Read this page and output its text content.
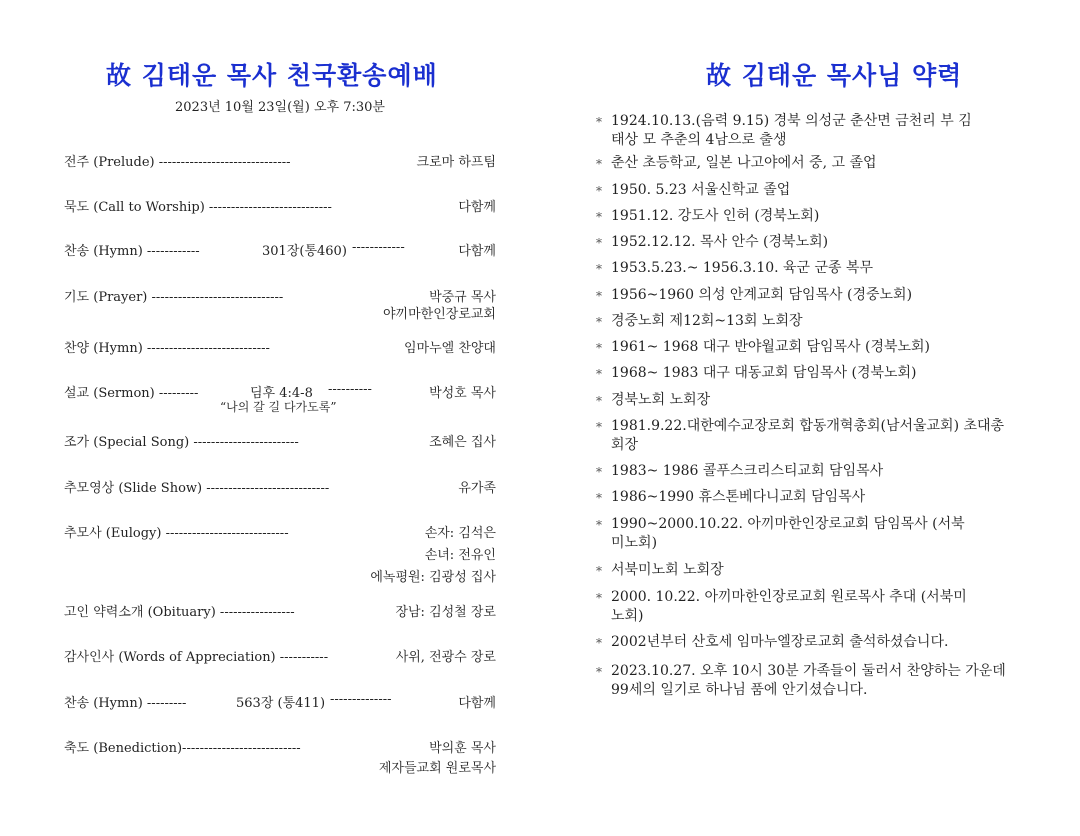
故 김태운 목사 천국환송예배
2023년 10월 23일(월) 오후 7:30분
전주 (Prelude) ------------------------------	크로마 하프팀
묵도 (Call to Worship) ----------------------------	다함께
찬송 (Hymn) ------------	301장(통460) ------------	다함께
기도 (Prayer) ------------------------------	박중규 목사
야끼마한인장로교회
찬양 (Hymn) ----------------------------	임마누엘 찬양대
설교 (Sermon) ---------	딤후 4:4-8 ----------	박성호 목사
“나의 갈 길 다가도록”
조가 (Special Song) ------------------------	조혜은 집사
추모영상 (Slide Show) ----------------------------	유가족
추모사 (Eulogy) ----------------------------	손자: 김석은
손녀: 전유인
에녹평원: 김광성 집사
고인 약력소개 (Obituary) -----------------	장남: 김성철 장로
감사인사 (Words of Appreciation) -----------	사위, 전광수 장로
찬송 (Hymn) ---------	563장 (통411) --------------	다함께
축도 (Benediction)---------------------------	박의훈 목사
제자들교회 원로목사
故 김태운 목사님 약력
* 1924.10.13.(음력 9.15) 경북 의성군 춘산면 금천리 부 김태상 모 추춘의 4남으로 출생
* 춘산 초등학교, 일본 나고야에서 중, 고 졸업
* 1950. 5.23 서울신학교 졸업
* 1951.12. 강도사 인허 (경북노회)
* 1952.12.12. 목사 안수 (경북노회)
* 1953.5.23.~ 1956.3.10. 육군 군종 복무
* 1956~1960 의성 안계교회 담임목사 (경중노회)
* 경중노회 제12회~13회 노회장
* 1961~ 1968 대구 반야월교회 담임목사 (경북노회)
* 1968~ 1983 대구 대동교회 담임목사 (경북노회)
* 경북노회 노회장
* 1981.9.22.대한예수교장로회 합동개혁총회(남서울교회) 초대총회장
* 1983~ 1986 콜푸스크리스티교회 담임목사
* 1986~1990 휴스톤베다니교회 담임목사
* 1990~2000.10.22. 아끼마한인장로교회 담임목사 (서북미노회)
* 서북미노회 노회장
* 2000. 10.22. 아끼마한인장로교회 원로목사 추대 (서북미노회)
* 2002년부터 산호세 임마누엘장로교회 출석하셨습니다.
* 2023.10.27. 오후 10시 30분 가족들이 둘러서 찬양하는 가운데 99세의 일기로 하나님 품에 안기셨습니다.
